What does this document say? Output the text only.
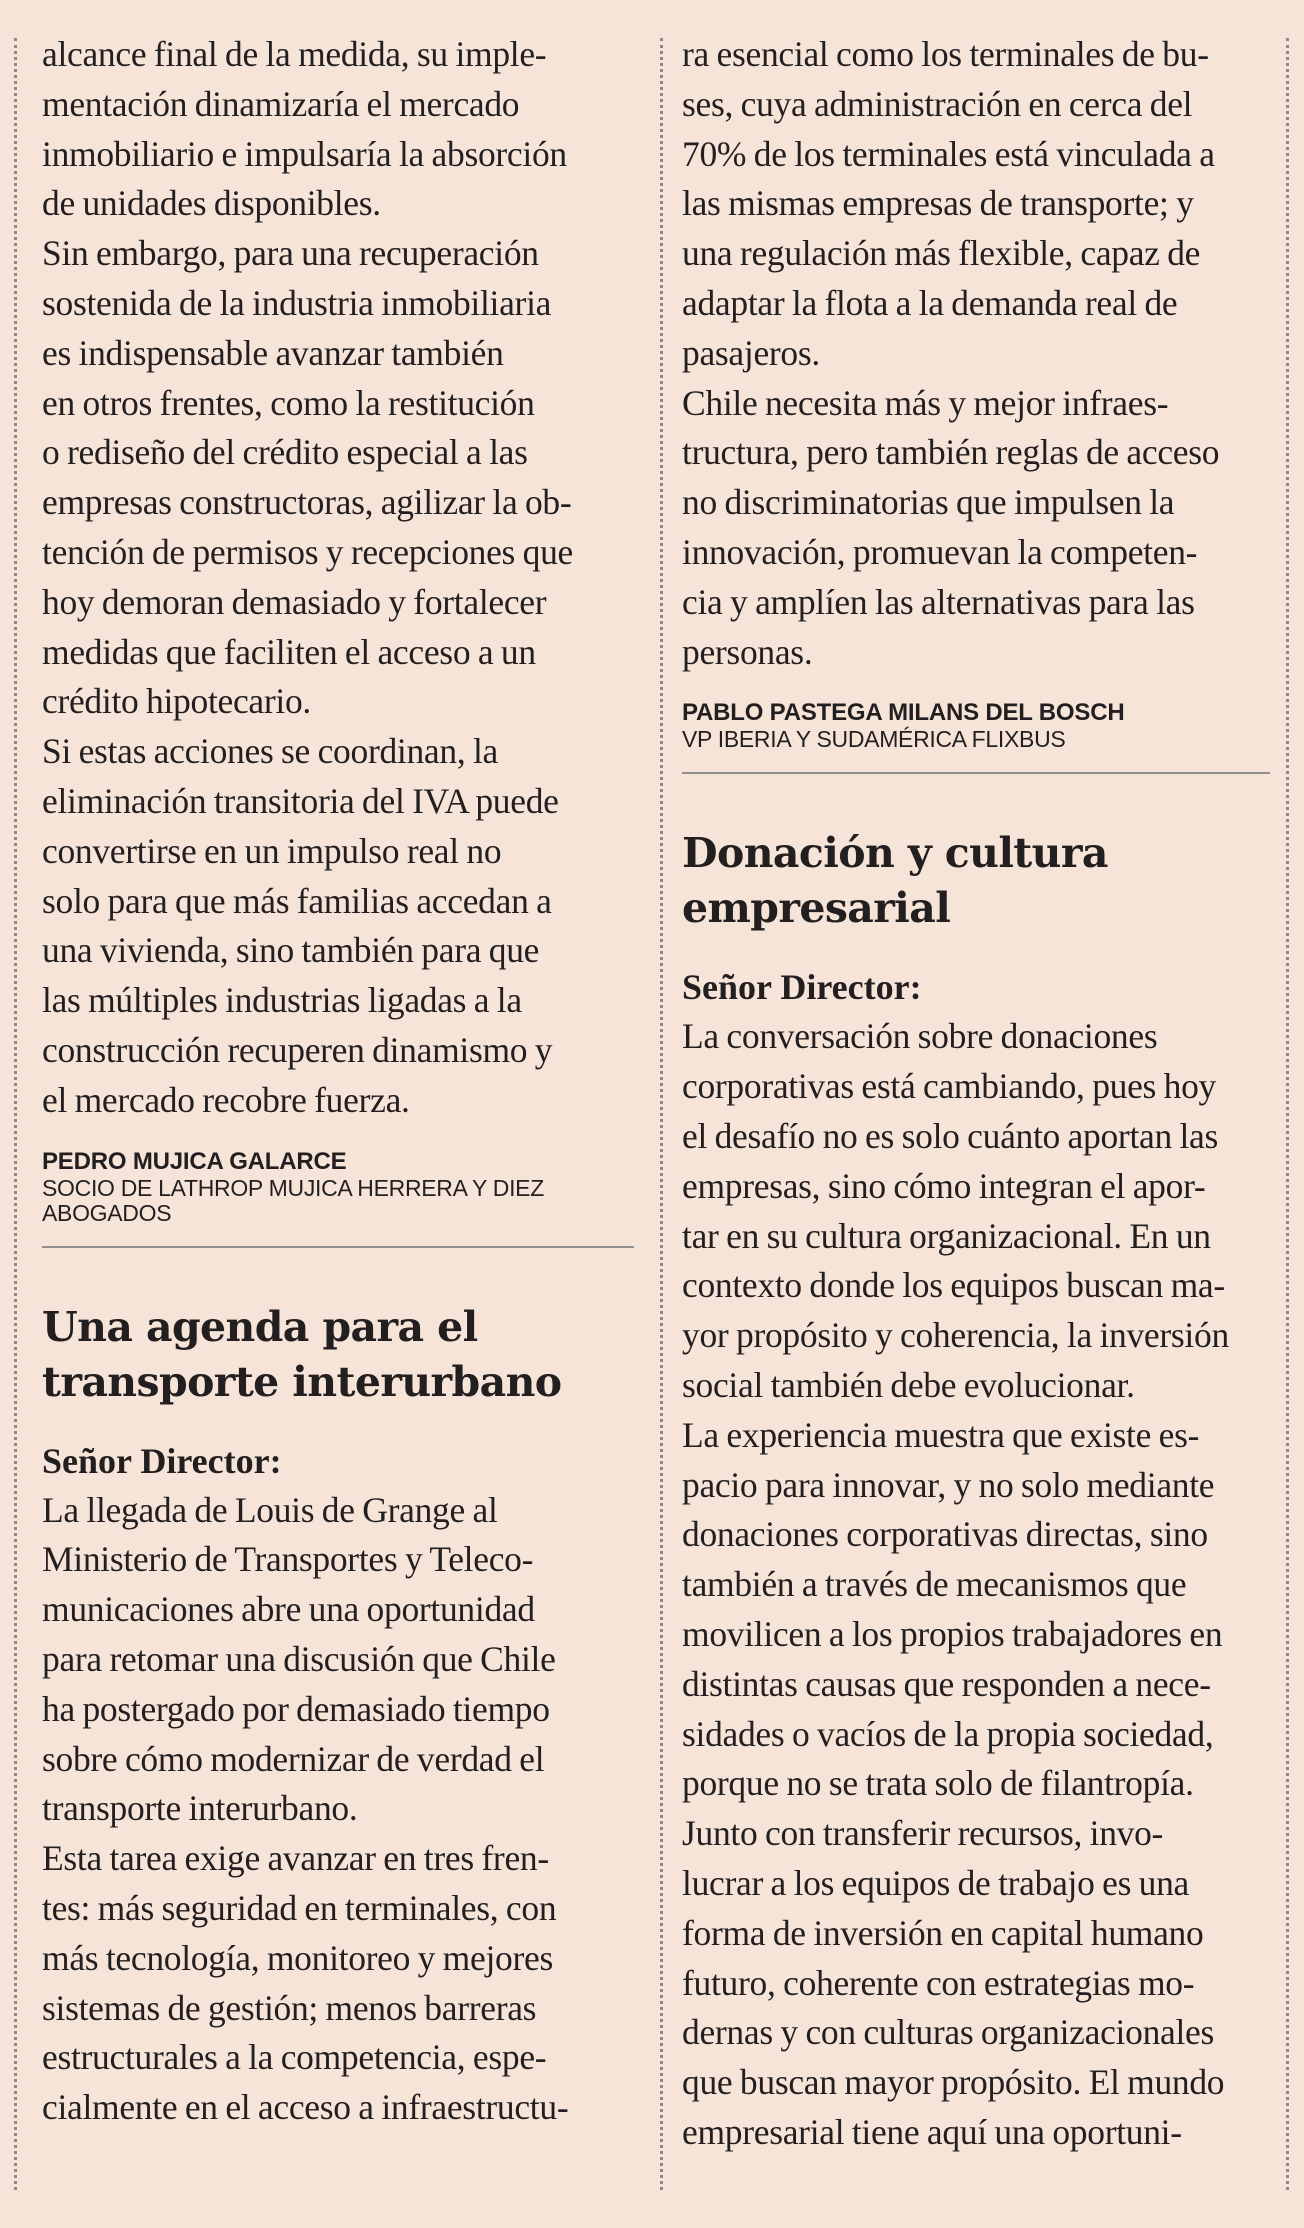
alcance final de la medida, su imple-
mentación dinamizaría el mercado
inmobiliario e impulsaría la absorción
de unidades disponibles.

Sin embargo, para una recuperación
sostenida de la industria inmobiliaria
es indispensable avanzar también
en otros frentes, como la restitución
o rediseño del crédito especial a las
empresas constructoras, agilizar la ob-
tención de permisos y recepciones que
hoy demoran demasiado y fortalecer
medidas que faciliten el acceso a un
crédito hipotecario.

Si estas acciones se coordinan, la
eliminación transitoria del IVA puede
convertirse en un impulso real no
solo para que más familias accedan a
una vivienda, sino también para que
las múltiples industrias ligadas a la
construcción recuperen dinamismo y
el mercado recobre fuerza.

PEDRO MUJICA GALARCE
SOCIO DE LATHROP MUJICA HERRERA Y DIEZ
ABOGADOS
Una agenda para el
transporte interurbano
Señor Director:

La llegada de Louis de Grange al
Ministerio de Transportes y Teleco-
municaciones abre una oportunidad
para retomar una discusión que Chile
ha postergado por demasiado tiempo
sobre cómo modernizar de verdad el
transporte interurbano.

Esta tarea exige avanzar en tres fren-
tes: más seguridad en terminales, con
más tecnología, monitoreo y mejores
sistemas de gestión; menos barreras
estructurales a la competencia, espe-
cialmente en el acceso a infraestructu-

ra esencial como los terminales de bu-
ses, cuya administración en cerca del
70% de los terminales está vinculada a
las mismas empresas de transporte; y
una regulación más flexible, capaz de
adaptar la flota a la demanda real de
pasajeros.

Chile necesita más y mejor infraes-
tructura, pero también reglas de acceso
no discriminatorias que impulsen la
innovación, promuevan la competen-
cia y amplíen las alternativas para las
personas.

PABLO PASTEGA MILANS DEL BOSCH
VP IBERIA Y SUDAMÉRICA FLIXBUS
Donación y cultura
empresarial
Señor Director:

La conversación sobre donaciones
corporativas está cambiando, pues hoy
el desafío no es solo cuánto aportan las
empresas, sino cómo integran el apor-
tar en su cultura organizacional. En un
contexto donde los equipos buscan ma-
yor propósito y coherencia, la inversión
social también debe evolucionar.

La experiencia muestra que existe es-
pacio para innovar, y no solo mediante
donaciones corporativas directas, sino
también a través de mecanismos que
movilicen a los propios trabajadores en
distintas causas que responden a nece-
sidades o vacíos de la propia sociedad,
porque no se trata solo de filantropía.

Junto con transferir recursos, invo-
lucrar a los equipos de trabajo es una
forma de inversión en capital humano
futuro, coherente con estrategias mo-
dernas y con culturas organizacionales
que buscan mayor propósito. El mundo
empresarial tiene aquí una oportuni-
